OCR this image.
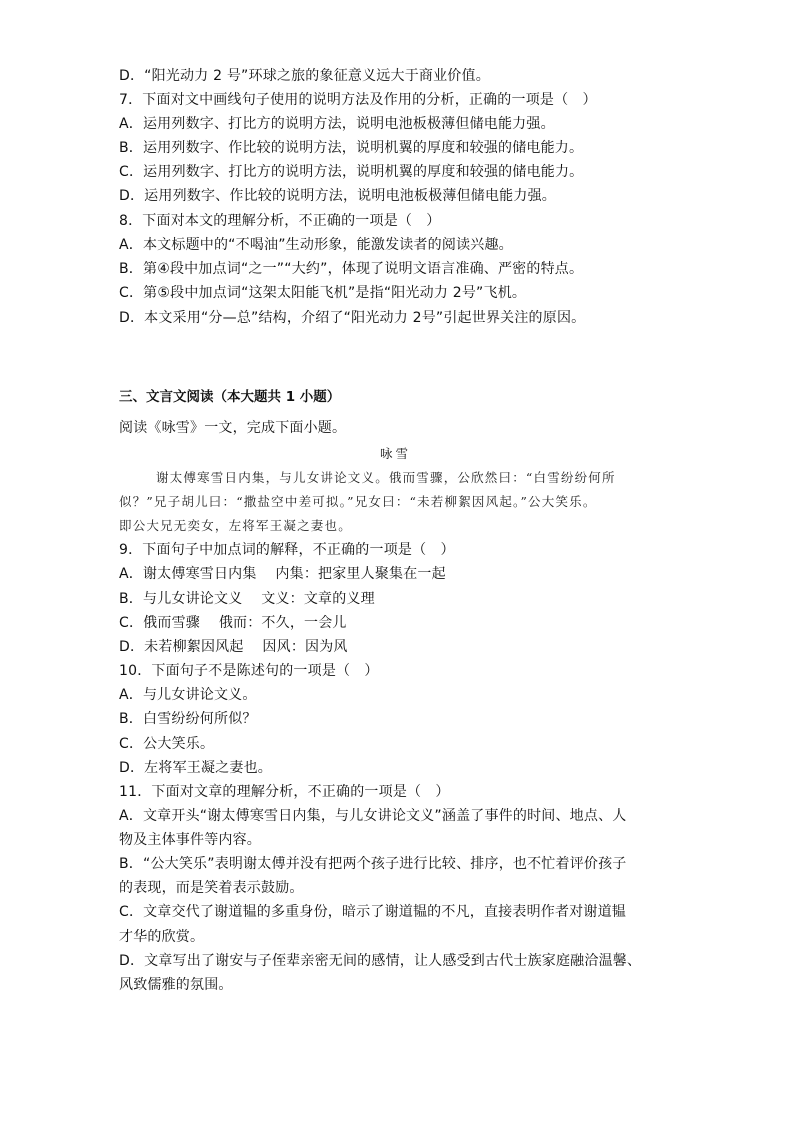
D．“阳光动力 2 号”环球之旅的象征意义远大于商业价值。
7．下面对文中画线句子使用的说明方法及作用的分析，正确的一项是（　）
A．运用列数字、打比方的说明方法，说明电池板极薄但储电能力强。
B．运用列数字、作比较的说明方法，说明机翼的厚度和较强的储电能力。
C．运用列数字、打比方的说明方法，说明机翼的厚度和较强的储电能力。
D．运用列数字、作比较的说明方法，说明电池板极薄但储电能力强。
8．下面对本文的理解分析，不正确的一项是（　）
A．本文标题中的“不喝油”生动形象，能激发读者的阅读兴趣。
B．第④段中加点词“之一”“大约”，体现了说明文语言准确、严密的特点。
C．第⑤段中加点词“这架太阳能飞机”是指“阳光动力 2号”飞机。
D．本文采用“分—总”结构，介绍了“阳光动力 2号”引起世界关注的原因。
三、文言文阅读（本大题共 1 小题）
阅读《咏雪》一文，完成下面小题。
咏雪
谢太傅寒雪日内集，与儿女讲论文义。俄而雪骤，公欣然曰：“白雪纷纷何所
似？”兄子胡儿曰：“撒盐空中差可拟。”兄女曰：“未若柳絮因风起。”公大笑乐。
即公大兄无奕女，左将军王凝之妻也。
9．下面句子中加点词的解释，不正确的一项是（　）
A．谢太傅寒雪日内集　 内集：把家里人聚集在一起
B．与儿女讲论文义　 文义：文章的义理
C．俄而雪骤　 俄而：不久，一会儿
D．未若柳絮因风起　 因风：因为风
10．下面句子不是陈述句的一项是（　）
A．与儿女讲论文义。
B．白雪纷纷何所似？
C．公大笑乐。
D．左将军王凝之妻也。
11．下面对文章的理解分析，不正确的一项是（　）
A．文章开头“谢太傅寒雪日内集，与儿女讲论文义”涵盖了事件的时间、地点、人
物及主体事件等内容。
B．“公大笑乐”表明谢太傅并没有把两个孩子进行比较、排序，也不忙着评价孩子
的表现，而是笑着表示鼓励。
C．文章交代了谢道韫的多重身份，暗示了谢道韫的不凡，直接表明作者对谢道韫
才华的欣赏。
D．文章写出了谢安与子侄辈亲密无间的感情，让人感受到古代士族家庭融洽温馨、
风致儒雅的氛围。
